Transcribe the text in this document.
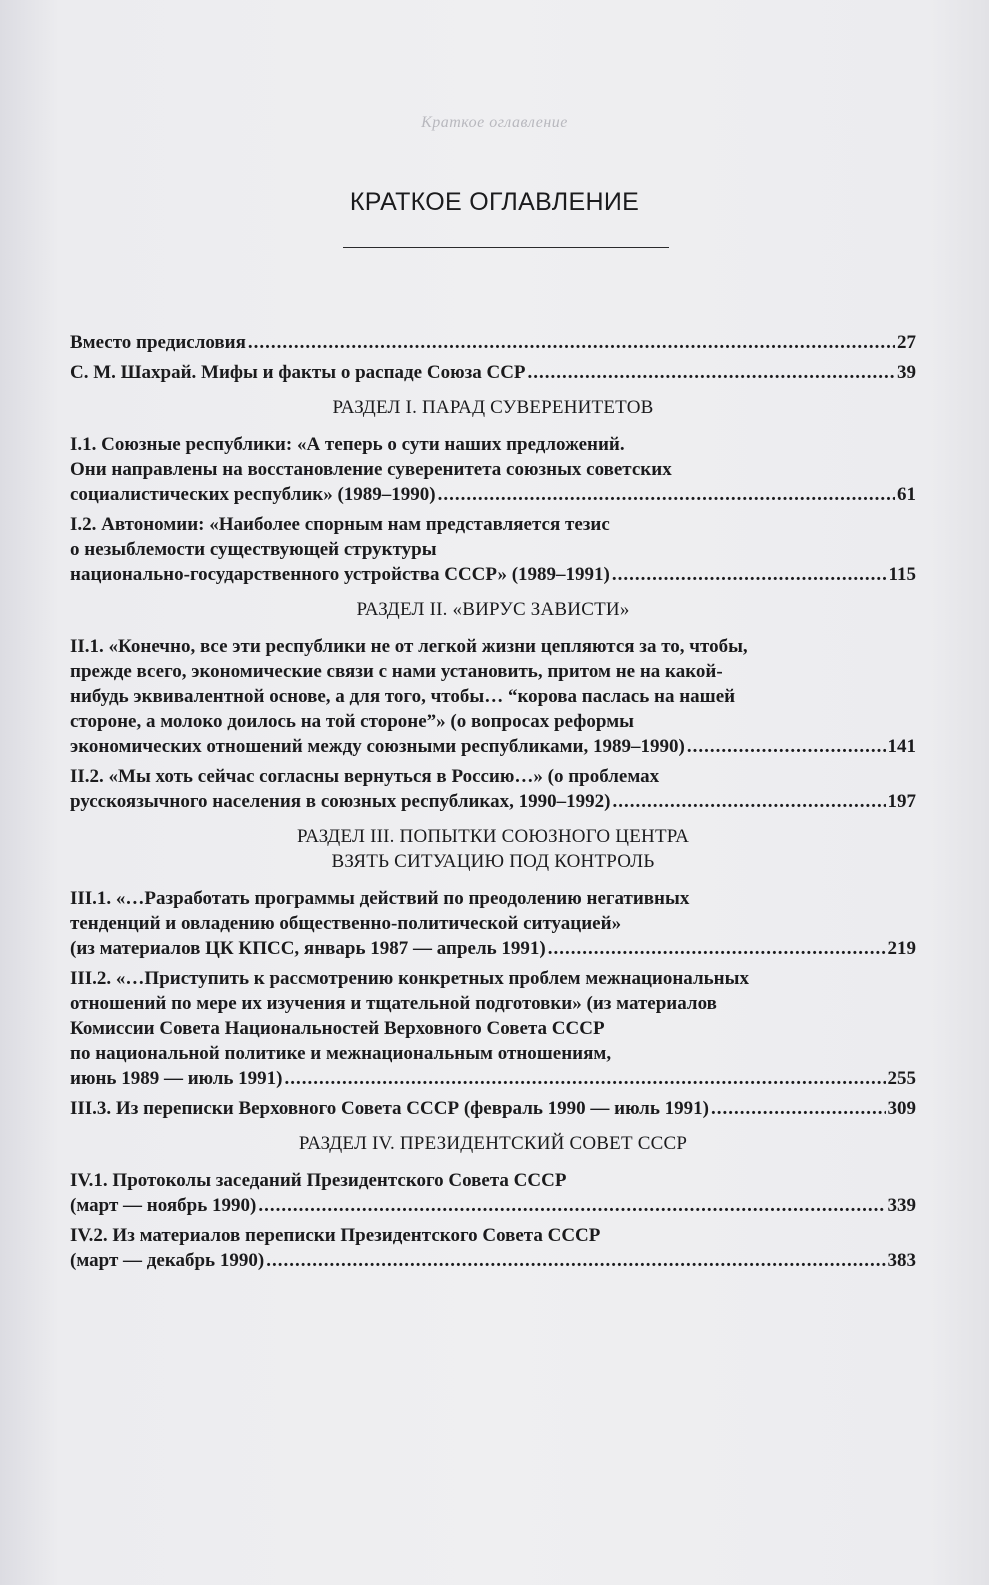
Краткое оглавление
КРАТКОЕ ОГЛАВЛЕНИЕ
Вместо предисловия .....	27
С. М. Шахрай. Мифы и факты о распаде Союза ССР .....	39
РАЗДЕЛ I. ПАРАД СУВЕРЕНИТЕТОВ
I.1. Союзные республики: «А теперь о сути наших предложений.
Они направлены на восстановление суверенитета союзных советских
социалистических республик» (1989–1990) .....	61
I.2. Автономии: «Наиболее спорным нам представляется тезис
о незыблемости существующей структуры
национально-государственного устройства СССР» (1989–1991) .....	115
РАЗДЕЛ II. «ВИРУС ЗАВИСТИ»
II.1. «Конечно, все эти республики не от легкой жизни цепляются за то, чтобы,
прежде всего, экономические связи с нами установить, притом не на какой-
нибудь эквивалентной основе, а для того, чтобы… “корова паслась на нашей
стороне, а молоко доилось на той стороне”» (о вопросах реформы
экономических отношений между союзными республиками, 1989–1990) .....	141
II.2. «Мы хоть сейчас согласны вернуться в Россию…» (о проблемах
русскоязычного населения в союзных республиках, 1990–1992) .....	197
РАЗДЕЛ III. ПОПЫТКИ СОЮЗНОГО ЦЕНТРА
ВЗЯТЬ СИТУАЦИЮ ПОД КОНТРОЛЬ
III.1. «…Разработать программы действий по преодолению негативных
тенденций и овладению общественно-политической ситуацией»
(из материалов ЦК КПСС, январь 1987 — апрель 1991) .....	219
III.2. «…Приступить к рассмотрению конкретных проблем межнациональных
отношений по мере их изучения и тщательной подготовки» (из материалов
Комиссии Совета Национальностей Верховного Совета СССР
по национальной политике и межнациональным отношениям,
июнь 1989 — июль 1991) .....	255
III.3. Из переписки Верховного Совета СССР (февраль 1990 — июль 1991) .....	309
РАЗДЕЛ IV. ПРЕЗИДЕНТСКИЙ СОВЕТ СССР
IV.1. Протоколы заседаний Президентского Совета СССР
(март — ноябрь 1990) .....	339
IV.2. Из материалов переписки Президентского Совета СССР
(март — декабрь 1990) .....	383
